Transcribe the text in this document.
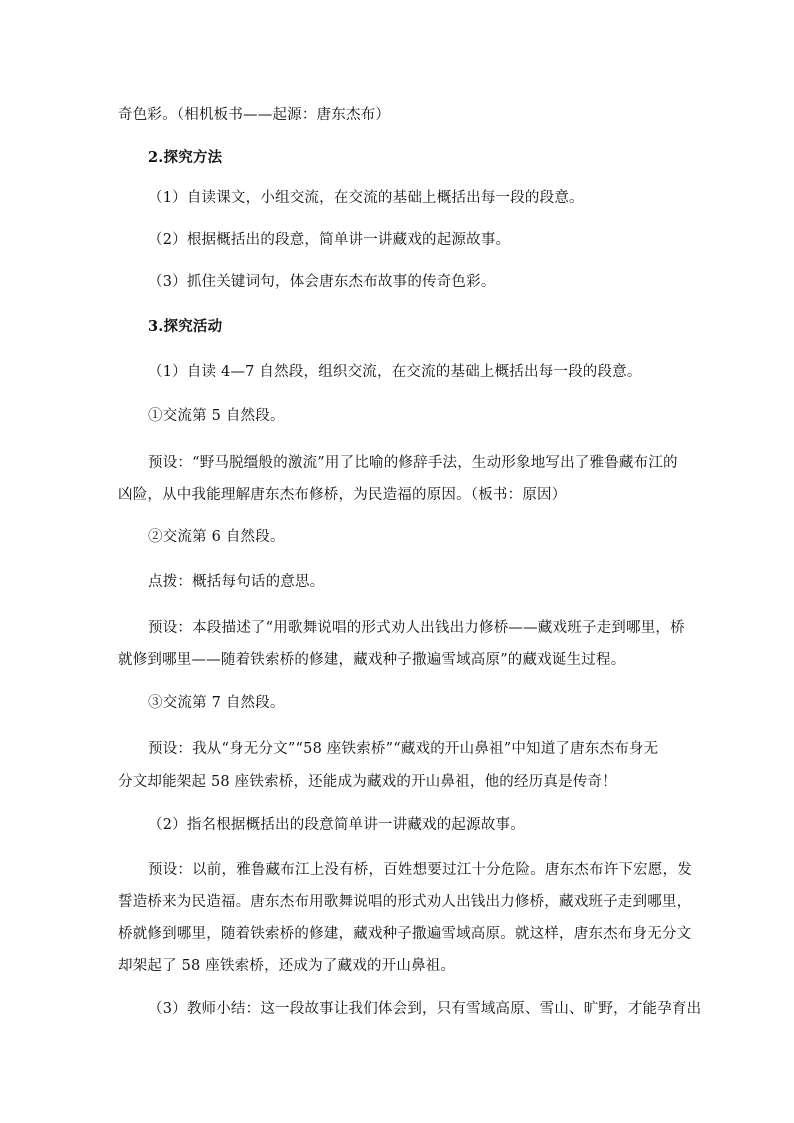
奇色彩。（相机板书——起源：唐东杰布）
2.探究方法
（1）自读课文，小组交流，在交流的基础上概括出每一段的段意。
（2）根据概括出的段意，简单讲一讲藏戏的起源故事。
（3）抓住关键词句，体会唐东杰布故事的传奇色彩。
3.探究活动
（1）自读 4—7 自然段，组织交流，在交流的基础上概括出每一段的段意。
①交流第 5 自然段。
预设：“野马脱缰般的激流”用了比喻的修辞手法，生动形象地写出了雅鲁藏布江的
凶险，从中我能理解唐东杰布修桥，为民造福的原因。（板书：原因）
②交流第 6 自然段。
点拨：概括每句话的意思。
预设：本段描述了“用歌舞说唱的形式劝人出钱出力修桥——藏戏班子走到哪里，桥
就修到哪里——随着铁索桥的修建，藏戏种子撒遍雪域高原”的藏戏诞生过程。
③交流第 7 自然段。
预设：我从“身无分文”“58 座铁索桥”“藏戏的开山鼻祖”中知道了唐东杰布身无
分文却能架起 58 座铁索桥，还能成为藏戏的开山鼻祖，他的经历真是传奇！
（2）指名根据概括出的段意简单讲一讲藏戏的起源故事。
预设：以前，雅鲁藏布江上没有桥，百姓想要过江十分危险。唐东杰布许下宏愿，发
誓造桥来为民造福。唐东杰布用歌舞说唱的形式劝人出钱出力修桥，藏戏班子走到哪里，
桥就修到哪里，随着铁索桥的修建，藏戏种子撒遍雪域高原。就这样，唐东杰布身无分文
却架起了 58 座铁索桥，还成为了藏戏的开山鼻祖。
（3）教师小结：这一段故事让我们体会到，只有雪域高原、雪山、旷野，才能孕育出
